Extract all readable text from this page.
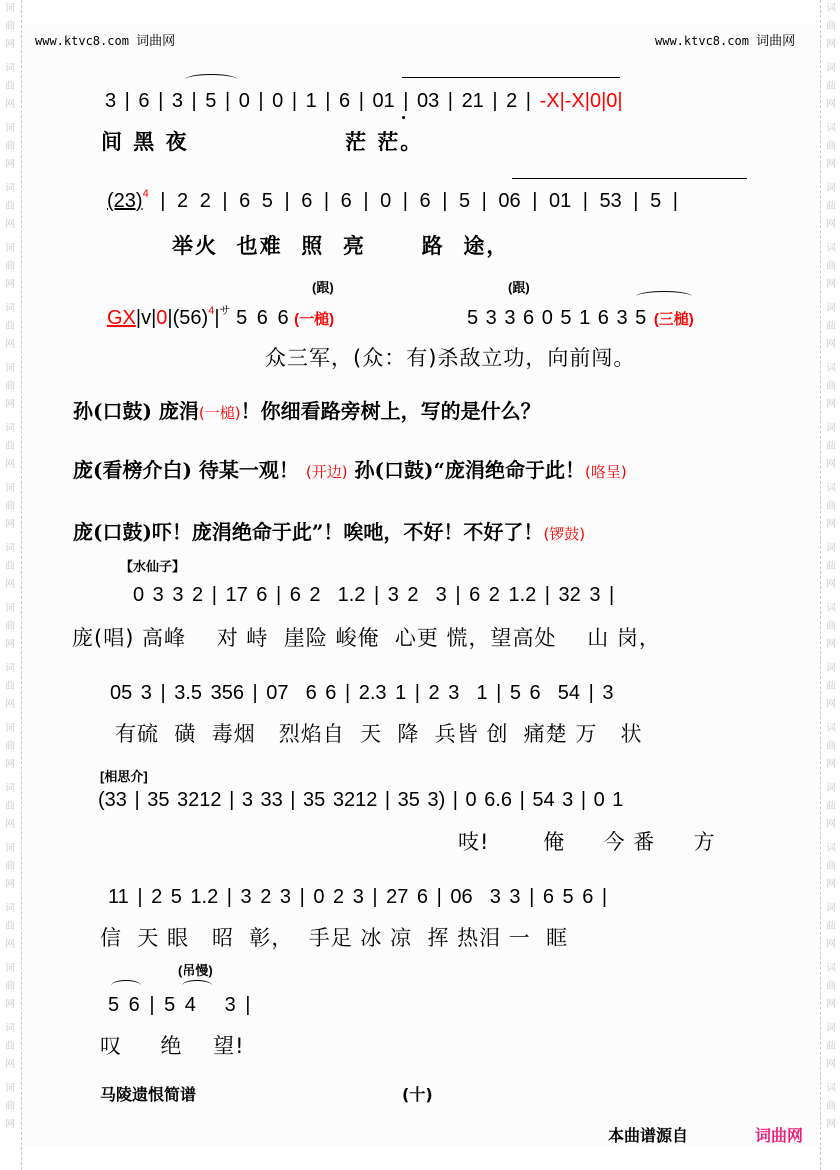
词
曲
网
词
曲
网
词
曲
网
词
曲
网
词
曲
网
词
曲
网
词
曲
网
词
曲
网
词
曲
网
词
曲
网
词
曲
网
词
曲
网
词
曲
网
词
曲
网
词
曲
网
词
曲
网
词
曲
网
词
曲
网
词
曲
网
词
曲
网
词
曲
网
词
曲
网
词
曲
网
词
曲
网
词
曲
网
词
曲
网
词
曲
网
词
曲
网
词
曲
网
词
曲
网
词
曲
网
词
曲
网
词
曲
网
词
曲
网
词
曲
网
词
曲
网
词
曲
网
词
曲
网
www.ktvc8.com 词曲网	www.ktvc8.com 词曲网
3 | 6 | 3 | 5 | 0 | 0 | 1 | 6 | 01 | 03 | 21 | 2 | -X|-X|0|0|
间 黑 夜	茫 茫。
$(23)^4$ | 2 2 | 6 5 | 6 | 6 | 0 | 6 | 5 | 06 | 01 | 53 | 5 |
举火  也难  照  亮      路  途，
(跟)	(跟)
$GX|v|0|(56)^4|^サ$ 5 6 6 (一槌)	5 3 3 6 0 5 1 6 3 5 (三槌)
众三军，(众：有)杀敌立功，向前闯。
孙(口鼓) 庞涓(一槌)！你细看路旁树上，写的是什么？
庞(看榜介白) 待某一观！ (开边) 孙(口鼓)“庞涓绝命于此！(咯呈)
庞(口鼓)吓！庞涓绝命于此”！唉吔，不好！不好了！(锣鼓)
【水仙子】
0 3 3 2 | 17 6 | 6 2  1.2 | 3 2  3 | 6 2 1.2 | 32 3 |
庞(唱) 高峰    对 峙  崖险 峻俺  心更 慌，望高处    山 岗，
05 3 | 3.5 356 | 07  6 6 | 2.3 1 | 2 3  1 | 5 6  54 | 3
有硫  磺  毒烟   烈焰自  天  降  兵皆 创  痛楚 万   状
[相思介]
(33 | 35 3212 | 3 33 | 35 3212 | 35 3) | 0 6.6 | 54 3 | 0 1
吱!       俺     今 番     方
11 | 2 5 1.2 | 3 2 3 | 0 2 3 | 27 6 | 06  3 3 | 6 5 6 |
信  天 眼   昭  彰，  手足 冰 凉  挥 热泪 一  眶
(吊慢)
5 6 | 5 4   3 |
叹     绝    望!
马陵遗恨简谱	(十)
本曲谱源自	词曲网
